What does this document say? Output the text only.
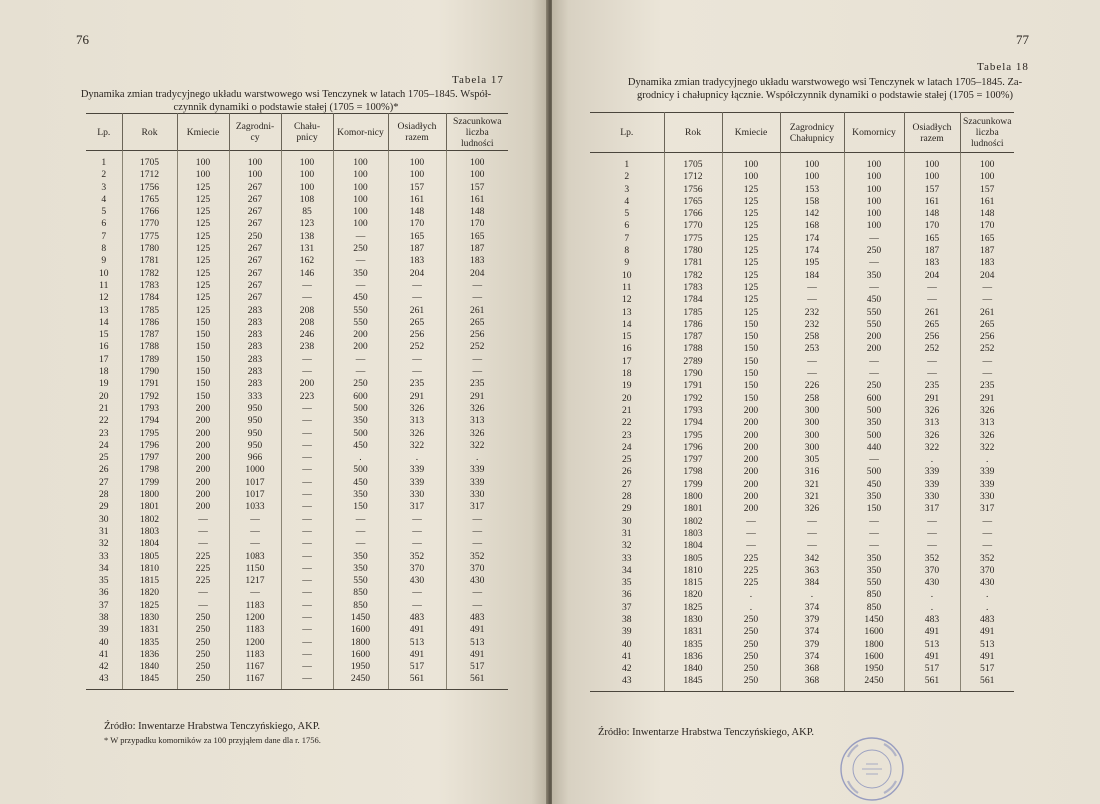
76
Tabela 17
Dynamika zmian tradycyjnego układu warstwowego wsi Tenczynek w latach 1705–1845. Współ-
czynnik dynamiki o podstawie stałej (1705 = 100%)*
Lp.	Rok	Kmiecie	Zagrodni-cy	Chału-pnicy	Komor-nicy	Osiadłych razem	Szacunkowa liczba ludności
1	1705	100	100	100	100	100	100
2	1712	100	100	100	100	100	100
3	1756	125	267	100	100	157	157
4	1765	125	267	108	100	161	161
5	1766	125	267	85	100	148	148
6	1770	125	267	123	100	170	170
7	1775	125	250	138	—	165	165
8	1780	125	267	131	250	187	187
9	1781	125	267	162	—	183	183
10	1782	125	267	146	350	204	204
11	1783	125	267	—	—	—	—
12	1784	125	267	—	450	—	—
13	1785	125	283	208	550	261	261
14	1786	150	283	208	550	265	265
15	1787	150	283	246	200	256	256
16	1788	150	283	238	200	252	252
17	1789	150	283	—	—	—	—
18	1790	150	283	—	—	—	—
19	1791	150	283	200	250	235	235
20	1792	150	333	223	600	291	291
21	1793	200	950	—	500	326	326
22	1794	200	950	—	350	313	313
23	1795	200	950	—	500	326	326
24	1796	200	950	—	450	322	322
25	1797	200	966	—	.	.	.
26	1798	200	1000	—	500	339	339
27	1799	200	1017	—	450	339	339
28	1800	200	1017	—	350	330	330
29	1801	200	1033	—	150	317	317
30	1802	—	—	—	—	—	—
31	1803	—	—	—	—	—	—
32	1804	—	—	—	—	—	—
33	1805	225	1083	—	350	352	352
34	1810	225	1150	—	350	370	370
35	1815	225	1217	—	550	430	430
36	1820	—	—	—	850	—	—
37	1825	—	1183	—	850	—	—
38	1830	250	1200	—	1450	483	483
39	1831	250	1183	—	1600	491	491
40	1835	250	1200	—	1800	513	513
41	1836	250	1183	—	1600	491	491
42	1840	250	1167	—	1950	517	517
43	1845	250	1167	—	2450	561	561
Źródło: Inwentarze Hrabstwa Tenczyńskiego, AKP.
* W przypadku komorników za 100 przyjąłem dane dla r. 1756.
77
Tabela 18
Dynamika zmian tradycyjnego układu warstwowego wsi Tenczynek w latach 1705–1845. Za-
grodnicy i chałupnicy łącznie. Współczynnik dynamiki o podstawie stałej (1705 = 100%)
Lp.	Rok	Kmiecie	Zagrodnicy Chałupnicy	Komornicy	Osiadłych razem	Szacunkowa liczba ludności
1	1705	100	100	100	100	100
2	1712	100	100	100	100	100
3	1756	125	153	100	157	157
4	1765	125	158	100	161	161
5	1766	125	142	100	148	148
6	1770	125	168	100	170	170
7	1775	125	174	—	165	165
8	1780	125	174	250	187	187
9	1781	125	195	—	183	183
10	1782	125	184	350	204	204
11	1783	125	—	—	—	—
12	1784	125	—	450	—	—
13	1785	125	232	550	261	261
14	1786	150	232	550	265	265
15	1787	150	258	200	256	256
16	1788	150	253	200	252	252
17	2789	150	—	—	—	—
18	1790	150	—	—	—	—
19	1791	150	226	250	235	235
20	1792	150	258	600	291	291
21	1793	200	300	500	326	326
22	1794	200	300	350	313	313
23	1795	200	300	500	326	326
24	1796	200	300	440	322	322
25	1797	200	305	—	.	.
26	1798	200	316	500	339	339
27	1799	200	321	450	339	339
28	1800	200	321	350	330	330
29	1801	200	326	150	317	317
30	1802	—	—	—	—	—
31	1803	—	—	—	—	—
32	1804	—	—	—	—	—
33	1805	225	342	350	352	352
34	1810	225	363	350	370	370
35	1815	225	384	550	430	430
36	1820	.	.	850	.	.
37	1825	.	374	850	.	.
38	1830	250	379	1450	483	483
39	1831	250	374	1600	491	491
40	1835	250	379	1800	513	513
41	1836	250	374	1600	491	491
42	1840	250	368	1950	517	517
43	1845	250	368	2450	561	561
Źródło: Inwentarze Hrabstwa Tenczyńskiego, AKP.
